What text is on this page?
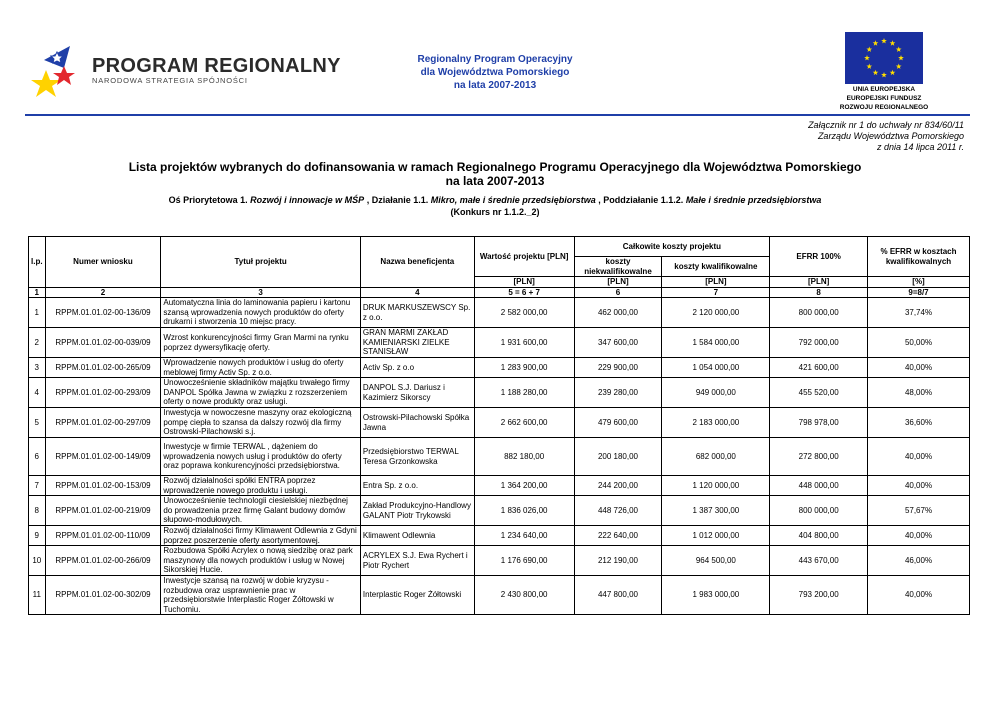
PROGRAM REGIONALNY
NARODOWA STRATEGIA SPÓJNOŚCI
Regionalny Program Operacyjny
dla Województwa Pomorskiego
na lata 2007-2013	UNIA EUROPEJSKA
EUROPEJSKI FUNDUSZ
ROZWOJU REGIONALNEGO
Załącznik nr 1 do uchwały nr 834/60/11
Zarządu Województwa Pomorskiego
z dnia 14 lipca 2011 r.
Lista projektów wybranych do dofinansowania w ramach Regionalnego Programu Operacyjnego dla Województwa Pomorskiego
na lata 2007-2013
Oś Priorytetowa 1. Rozwój i innowacje w MŚP , Działanie 1.1. Mikro, małe i średnie przedsiębiorstwa , Poddziałanie 1.1.2. Małe i średnie przedsiębiorstwa
(Konkurs nr 1.1.2._2)
l.p.	Numer wniosku	Tytuł projektu	Nazwa beneficjenta	Wartość projektu [PLN]	Całkowite koszty projektu		EFRR 100%	% EFRR w kosztach kwalifikowalnych
					koszty niekwalifikowalne	koszty kwalifikowalne		
				[PLN]	[PLN]	[PLN]	[PLN]	[%]
1	2	3	4	5 = 6 + 7	6	7	8	9=8/7
1	RPPM.01.01.02-00-136/09	Automatyczna linia do laminowania papieru i kartonu szansą wprowadzenia nowych produktów do oferty drukarni i stworzenia 10 miejsc pracy.	DRUK MARKUSZEWSCY Sp. z o.o.	2 582 000,00	462 000,00	2 120 000,00	800 000,00	37,74%
2	RPPM.01.01.02-00-039/09	Wzrost konkurencyjności firmy Gran Marmi na rynku poprzez dywersyfikację oferty.	GRAN MARMI ZAKŁAD KAMIENIARSKI ZIELKE STANISŁAW	1 931 600,00	347 600,00	1 584 000,00	792 000,00	50,00%
3	RPPM.01.01.02-00-265/09	Wprowadzenie nowych produktów i usług do oferty meblowej firmy Activ Sp. z o.o.	Activ Sp. z o.o	1 283 900,00	229 900,00	1 054 000,00	421 600,00	40,00%
4	RPPM.01.01.02-00-293/09	Unowocześnienie składników majątku trwałego firmy DANPOL Spółka Jawna w związku z rozszerzeniem oferty o nowe produkty oraz usługi.	DANPOL S.J. Dariusz i Kazimierz Sikorscy	1 188 280,00	239 280,00	949 000,00	455 520,00	48,00%
5	RPPM.01.01.02-00-297/09	Inwestycja w nowoczesne maszyny oraz ekologiczną pompę ciepła to szansa da dalszy rozwój dla firmy Ostrowski-Pilachowski s.j.	Ostrowski-Pilachowski Spółka Jawna	2 662 600,00	479 600,00	2 183 000,00	798 978,00	36,60%
6	RPPM.01.01.02-00-149/09	Inwestycje w firmie TERWAL , dążeniem do wprowadzenia nowych usług i produktów do oferty oraz poprawa konkurencyjności przedsiębiorstwa.	Przedsiębiorstwo TERWAL Teresa Grzonkowska	882 180,00	200 180,00	682 000,00	272 800,00	40,00%
7	RPPM.01.01.02-00-153/09	Rozwój działalności spółki ENTRA poprzez wprowadzenie nowego produktu i usługi.	Entra Sp. z o.o.	1 364 200,00	244 200,00	1 120 000,00	448 000,00	40,00%
8	RPPM.01.01.02-00-219/09	Unowocześnienie technologii ciesielskiej niezbędnej do prowadzenia przez firmę Galant budowy domów słupowo-modułowych.	Zakład Produkcyjno-Handlowy GALANT Piotr Trykowski	1 836 026,00	448 726,00	1 387 300,00	800 000,00	57,67%
9	RPPM.01.01.02-00-110/09	Rozwój działalności firmy Klimawent Odlewnia z Gdyni poprzez poszerzenie oferty asortymentowej.	Klimawent Odlewnia	1 234 640,00	222 640,00	1 012 000,00	404 800,00	40,00%
10	RPPM.01.01.02-00-266/09	Rozbudowa Spółki Acrylex o nową siedzibę oraz park maszynowy dla nowych produktów i usług w Nowej Sikorskiej Hucie.	ACRYLEX S.J. Ewa Rychert i Piotr Rychert	1 176 690,00	212 190,00	964 500,00	443 670,00	46,00%
11	RPPM.01.01.02-00-302/09	Inwestycje szansą na rozwój w dobie kryzysu - rozbudowa oraz usprawnienie prac w przedsiębiorstwie Interplastic Roger Żółtowski w Tuchomiu.	Interplastic Roger Żółtowski	2 430 800,00	447 800,00	1 983 000,00	793 200,00	40,00%
